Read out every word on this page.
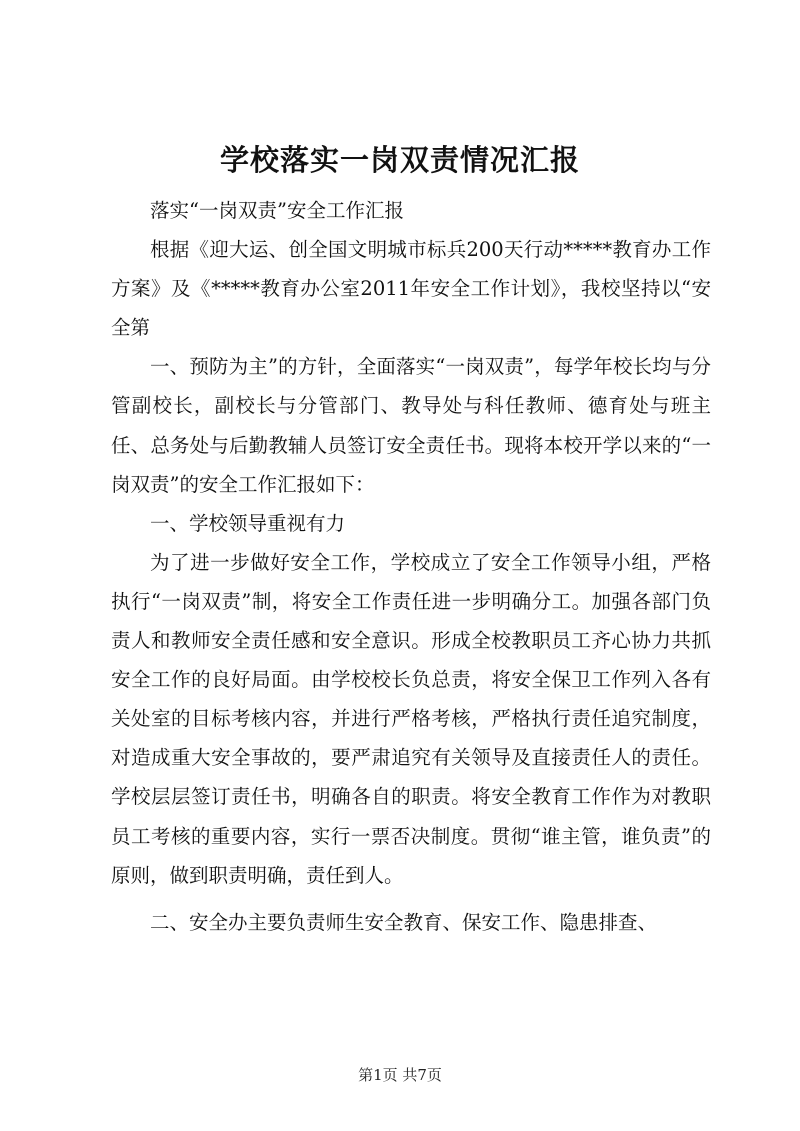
学校落实一岗双责情况汇报

落实“一岗双责”安全工作汇报

根据《迎大运、创全国文明城市标兵200天行动*****教育办工作方案》及《*****教育办公室2011年安全工作计划》，我校坚持以“安全第

一、预防为主”的方针，全面落实“一岗双责”，每学年校长均与分管副校长，副校长与分管部门、教导处与科任教师、德育处与班主任、总务处与后勤教辅人员签订安全责任书。现将本校开学以来的“一岗双责”的安全工作汇报如下：

一、学校领导重视有力

为了进一步做好安全工作，学校成立了安全工作领导小组，严格执行“一岗双责”制，将安全工作责任进一步明确分工。加强各部门负责人和教师安全责任感和安全意识。形成全校教职员工齐心协力共抓安全工作的良好局面。由学校校长负总责，将安全保卫工作列入各有关处室的目标考核内容，并进行严格考核，严格执行责任追究制度，对造成重大安全事故的，要严肃追究有关领导及直接责任人的责任。学校层层签订责任书，明确各自的职责。将安全教育工作作为对教职员工考核的重要内容，实行一票否决制度。贯彻“谁主管，谁负责”的原则，做到职责明确，责任到人。

二、安全办主要负责师生安全教育、保安工作、隐患排查、

第1页 共7页
